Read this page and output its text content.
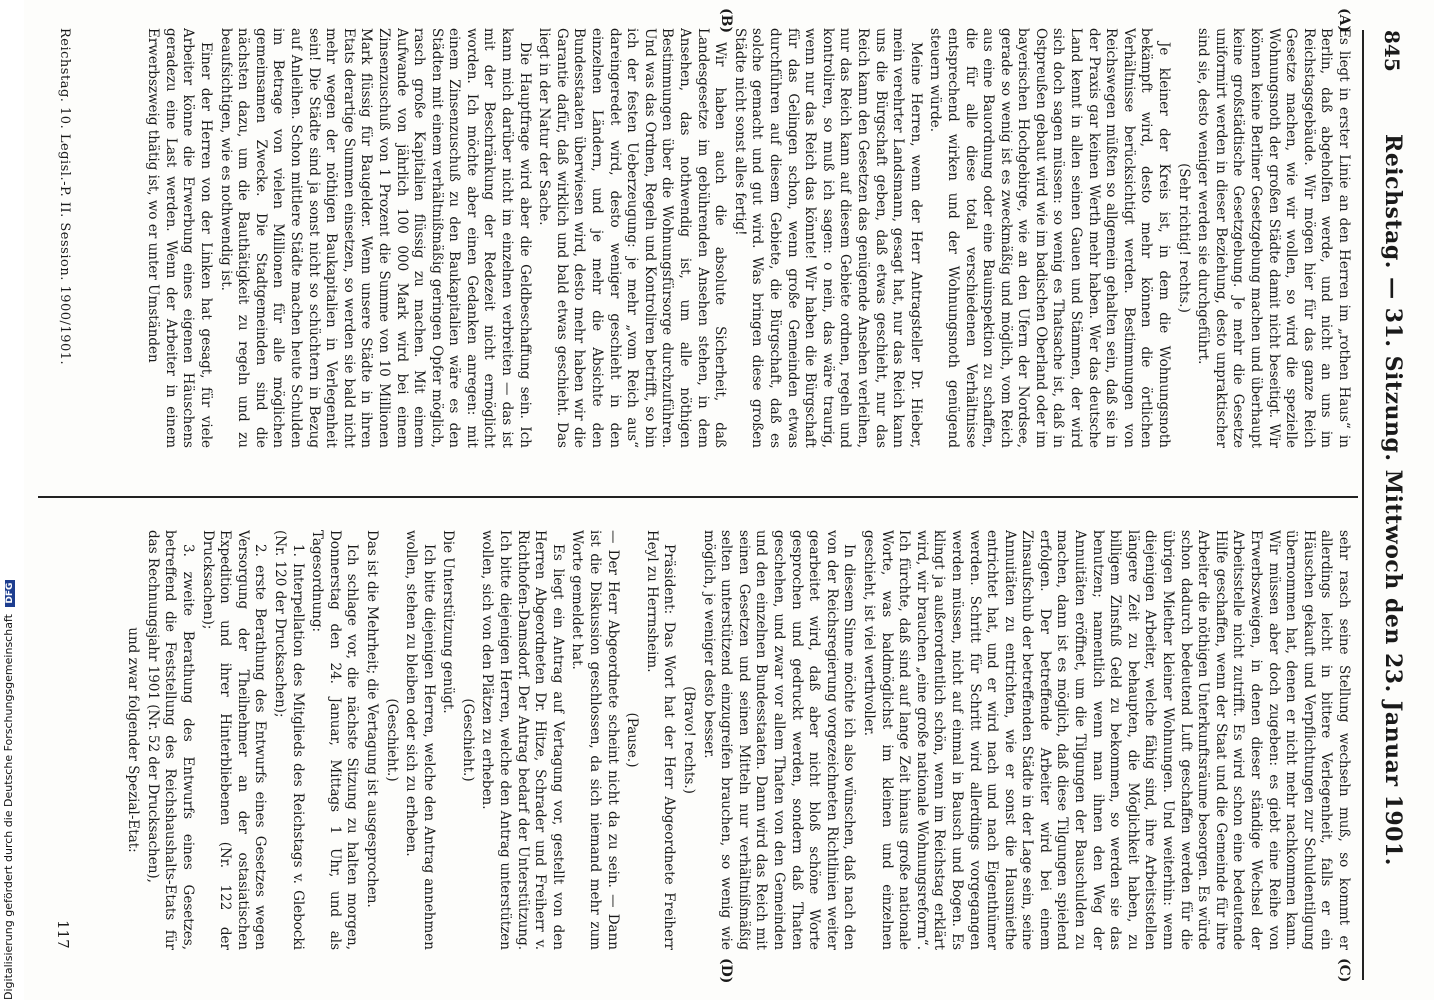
845
Reichstag. — 31. Sitzung. Mittwoch den 23. Januar 1901.
(A)
(B)
(C)
(D)

Es liegt in erster Linie an den Herren im „rothen Haus“ in Berlin, daß abgeholfen werde, und nicht an uns im Reichstagsgebäude. Wir mögen hier für das ganze Reich Gesetze machen, wie wir wollen, so wird die spezielle Wohnungsnoth der großen Städte damit nicht beseitigt. Wir können keine Berliner Gesetzgebung machen und überhaupt keine großstädtische Gesetzgebung. Je mehr die Gesetze uniformirt werden in dieser Beziehung, desto unpraktischer sind sie, desto weniger werden sie durchgeführt.

(Sehr richtig! rechts.)

Je kleiner der Kreis ist, in dem die Wohnungsnoth bekämpft wird, desto mehr können die örtlichen Verhältnisse berücksichtigt werden. Bestimmungen von Reichswegen müßten so allgemein gehalten sein, daß sie in der Praxis gar keinen Werth mehr haben. Wer das deutsche Land kennt in allen seinen Gauen und Stämmen, der wird sich doch sagen müssen: so wenig es Thatsache ist, daß in Ostpreußen gebaut wird wie im badischen Oberland oder im bayerischen Hochgebirge, wie an den Ufern der Nordsee, gerade so wenig ist es zweckmäßig und möglich, vom Reich aus eine Bauordnung oder eine Bauinspektion zu schaffen, die für alle diese total verschiedenen Verhältnisse entsprechend wirken und der Wohnungsnoth genügend steuern würde.

Meine Herren, wenn der Herr Antragsteller Dr. Hieber, mein verehrter Landsmann, gesagt hat, nur das Reich kann uns die Bürgschaft geben, daß etwas geschieht, nur das Reich kann den Gesetzen das genügende Ansehen verleihen, nur das Reich kann auf diesem Gebiete ordnen, regeln und kontroliren, so muß ich sagen: o nein, das wäre traurig, wenn nur das Reich das könnte! Wir haben die Bürgschaft für das Gelingen schon, wenn große Gemeinden etwas durchführen auf diesem Gebiete, die Bürgschaft, daß es solche gemacht und gut wird. Was bringen diese großen Städte nicht sonst alles fertig!

Wir haben auch die absolute Sicherheit, daß Landesgesetze im gebührenden Ansehen stehen, in dem Ansehen, das nothwendig ist, um alle nöthigen Bestimmungen über die Wohnungsfürsorge durchzuführen. Und was das Ordnen, Regeln und Kontroliren betrifft, so bin ich der festen Ueberzeugung: je mehr „vom Reich aus“ dareingeredet wird, desto weniger geschieht in den einzelnen Ländern, und je mehr die Absichte den Bundesstaaten überwiesen wird, desto mehr haben wir die Garantie dafür, daß wirklich und bald etwas geschieht. Das liegt in der Natur der Sache.

Die Hauptfrage wird aber die Geldbeschaffung sein. Ich kann mich darüber nicht im einzelnen verbreiten — das ist mit der Beschränkung der Redezeit nicht ermöglicht worden. Ich möchte aber einen Gedanken anregen: mit einem Zinsenzuschuß zu den Baukapitalien wäre es den Städten mit einem verhältnißmäßig geringen Opfer möglich, rasch große Kapitalien flüssig zu machen. Mit einem Aufwande von jährlich 100 000 Mark wird bei einem Zinsenzuschuß von 1 Prozent die Summe von 10 Millionen Mark flüssig für Baugelder. Wenn unsere Städte in ihren Etats derartige Summen einsetzen, so werden sie bald nicht mehr wegen der nöthigen Baukapitalien in Verlegenheit sein! Die Städte sind ja sonst nicht so schüchtern in Bezug auf Anleihen. Schon mittlere Städte machen heute Schulden im Betrage von vielen Millionen für alle möglichen gemeinsamen Zwecke. Die Stadtgemeinden sind die nächsten dazu, um die Bauthätigkeit zu regeln und zu beaufsichtigen, wie es nothwendig ist.

Einer der Herren von der Linken hat gesagt, für viele Arbeiter könne die Erwerbung eines eigenen Häuschens geradezu eine Last werden. Wenn der Arbeiter in einem Erwerbszweig thätig ist, wo er unter Umständen

sehr rasch seine Stellung wechseln muß, so kommt er allerdings leicht in bittere Verlegenheit, falls er ein Häuschen gekauft und Verpflichtungen zur Schuldentilgung übernommen hat, denen er nicht mehr nachkommen kann. Wir müssen aber doch zugeben: es giebt eine Reihe von Erwerbszweigen, in denen dieser ständige Wechsel der Arbeitsstelle nicht zutrifft. Es wird schon eine bedeutende Hilfe geschaffen, wenn der Staat und die Gemeinde für ihre Arbeiter die nöthigen Unterkunftsräume besorgen. Es würde schon dadurch bedeutend Luft geschaffen werden für die übrigen Miether kleiner Wohnungen. Und weiterhin: wenn diejenigen Arbeiter, welche fähig sind, ihre Arbeitsstellen längere Zeit zu behaupten, die Möglichkeit haben, zu billigem Zinsfuß Geld zu bekommen, so werden sie das benutzen; namentlich wenn man ihnen den Weg der Annuitäten eröffnet, um die Tilgungen der Bauschulden zu machen, dann ist es möglich, daß diese Tilgungen spielend erfolgen. Der betreffende Arbeiter wird bei einem Zinsaufschub der betreffenden Städte in der Lage sein, seine Annuitäten zu entrichten, wie er sonst die Hausmiethe entrichtet hat, und er wird nach und nach Eigenthümer werden. Schritt für Schritt wird allerdings vorgegangen werden müssen, nicht auf einmal in Bausch und Bogen. Es klingt ja außerordentlich schön, wenn im Reichstag erklärt wird, wir brauchen „eine große nationale Wohnungsreform“. Ich fürchte, daß sind auf lange Zeit hinaus große nationale Worte, was baldmöglichst im kleinen und einzelnen geschieht, ist viel werthvoller.

In diesem Sinne möchte ich also wünschen, daß nach den von der Reichsregierung vorgezeichneten Richtlinien weiter gearbeitet wird, daß aber nicht bloß schöne Worte gesprochen und gedruckt werden, sondern daß Thaten geschehen, und zwar vor allem Thaten von den Gemeinden und den einzelnen Bundesstaaten. Dann wird das Reich mit seinen Gesetzen und seinen Mitteln nur verhältnißmäßig selten unterstützend einzugreifen brauchen, so wenig wie möglich, je weniger desto besser.

(Bravo! rechts.)

Präsident: Das Wort hat der Herr Abgeordnete Freiherr Heyl zu Herrnsheim.

(Pause.)

— Der Herr Abgeordnete scheint nicht da zu sein. — Dann ist die Diskussion geschlossen, da sich niemand mehr zum Worte gemeldet hat.

Es liegt ein Antrag auf Vertagung vor, gestellt von den Herren Abgeordneten Dr. Hitze, Schrader und Freiherr v. Richthofen-Damsdorf. Der Antrag bedarf der Unterstützung. Ich bitte diejenigen Herren, welche den Antrag unterstützen wollen, sich von den Plätzen zu erheben.

(Geschieht.)

Die Unterstützung genügt.

Ich bitte diejenigen Herren, welche den Antrag annehmen wollen, stehen zu bleiben oder sich zu erheben.

(Geschieht.)

Das ist die Mehrheit; die Vertagung ist ausgesprochen.

Ich schlage vor, die nächste Sitzung zu halten morgen, Donnerstag den 24. Januar, Mittags 1 Uhr, und als Tagesordnung:

1. Interpellation des Mitglieds des Reichstags v. Glebocki (Nr. 120 der Drucksachen);

2. erste Berathung des Entwurfs eines Gesetzes wegen Versorgung der Theilnehmer an der ostasiatischen Expedition und ihrer Hinterbliebenen (Nr. 122 der Drucksachen);

3. zweite Berathung des Entwurfs eines Gesetzes, betreffend die Feststellung des Reichshaushalts-Etats für das Rechnungsjahr 1901 (Nr. 52 der Drucksachen),

und zwar folgender Spezial-Etat:

Reichstag. 10. Legisl.-P. II. Session. 1900/1901.
117
Digitalisierung gefördert durch die Deutsche Forschungsgemeinschaft DFG
